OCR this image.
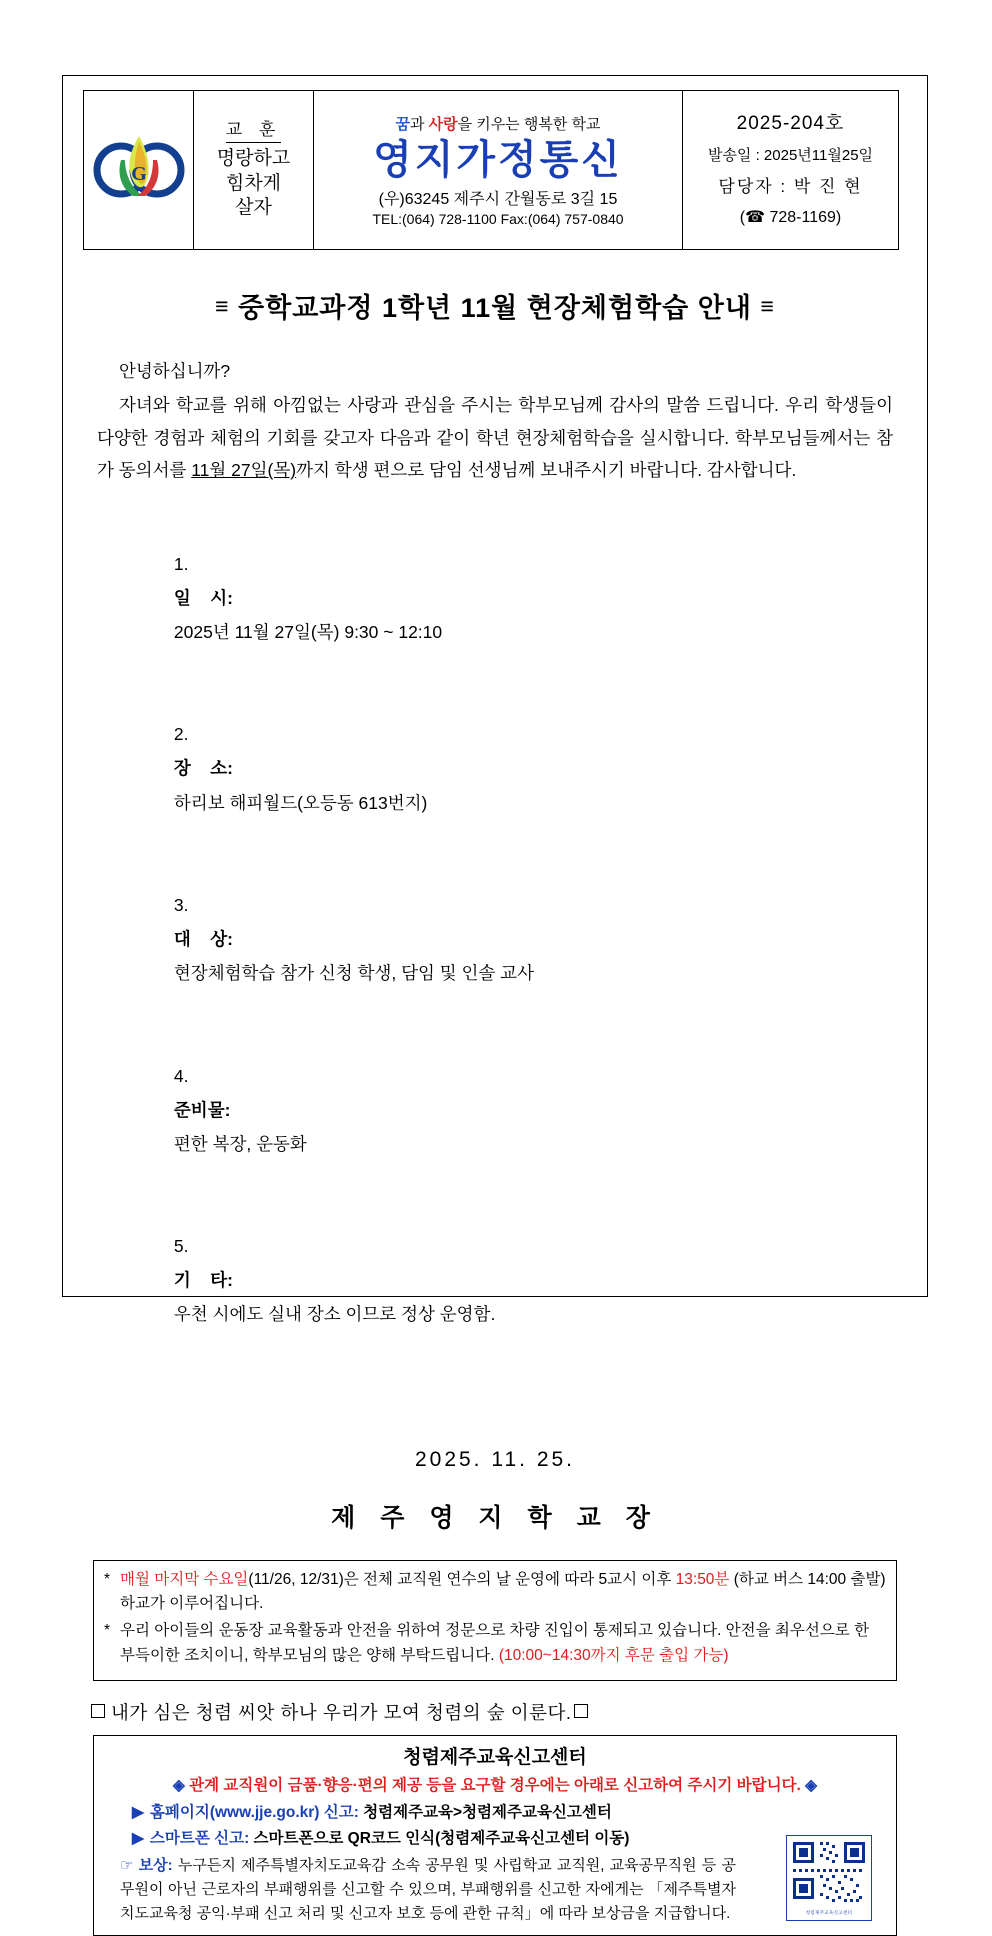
G
교 훈
명랑하고
힘차게
살자
꿈과 사랑을 키우는 행복한 학교
영지가정통신
(우)63245 제주시 간월동로 3길 15
TEL:(064) 728-1100 Fax:(064) 757-0840
2025-204호
발송일 : 2025년11월25일
담당자 : 박 진 현
(☎ 728-1169)
≡ 중학교과정 1학년 11월 현장체험학습 안내 ≡
안녕하십니까?
자녀와 학교를 위해 아낌없는 사랑과 관심을 주시는 학부모님께 감사의 말씀 드립니다. 우리 학생들이 다양한 경험과 체험의 기회를 갖고자 다음과 같이 학년 현장체험학습을 실시합니다. 학부모님들께서는 참가 동의서를 11월 27일(목)까지 학생 편으로 담임 선생님께 보내주시기 바랍니다. 감사합니다.

1.
일    시:
2025년 11월 27일(목) 9:30 ~ 12:10

2.
장    소:
하리보 해피월드(오등동 613번지)

3.
대    상:
현장체험학습 참가 신청 학생, 담임 및 인솔 교사

4.
준비물:
편한 복장, 운동화

5.
기    타:
우천 시에도 실내 장소 이므로 정상 운영함.

2025. 11. 25.
제 주 영 지 학 교 장
* 매월 마지막 수요일(11/26, 12/31)은 전체 교직원 연수의 날 운영에 따라 5교시 이후 13:50분 (하교 버스 14:00 출발) 하교가 이루어집니다.
* 우리 아이들의 운동장 교육활동과 안전을 위하여 정문으로 차량 진입이 통제되고 있습니다. 안전을 최우선으로 한 부득이한 조치이니, 학부모님의 많은 양해 부탁드립니다. (10:00~14:30까지 후문 출입 가능)
내가 심은 청렴 씨앗 하나 우리가 모여 청렴의 숲 이룬다.
청렴제주교육신고센터
◈ 관계 교직원이 금품·향응·편의 제공 등을 요구할 경우에는 아래로 신고하여 주시기 바랍니다. ◈
▶ 홈페이지(www.jje.go.kr) 신고: 청렴제주교육>청렴제주교육신고센터
▶ 스마트폰 신고: 스마트폰으로 QR코드 인식(청렴제주교육신고센터 이동)
☞ 보상: 누구든지 제주특별자치도교육감 소속 공무원 및 사립학교 교직원, 교육공무직원 등 공무원이 아닌 근로자의 부패행위를 신고할 수 있으며, 부패행위를 신고한 자에게는 「제주특별자치도교육청 공익·부패 신고 처리 및 신고자 보호 등에 관한 규칙」에 따라 보상금을 지급합니다.	청렴제주교육신고센터
